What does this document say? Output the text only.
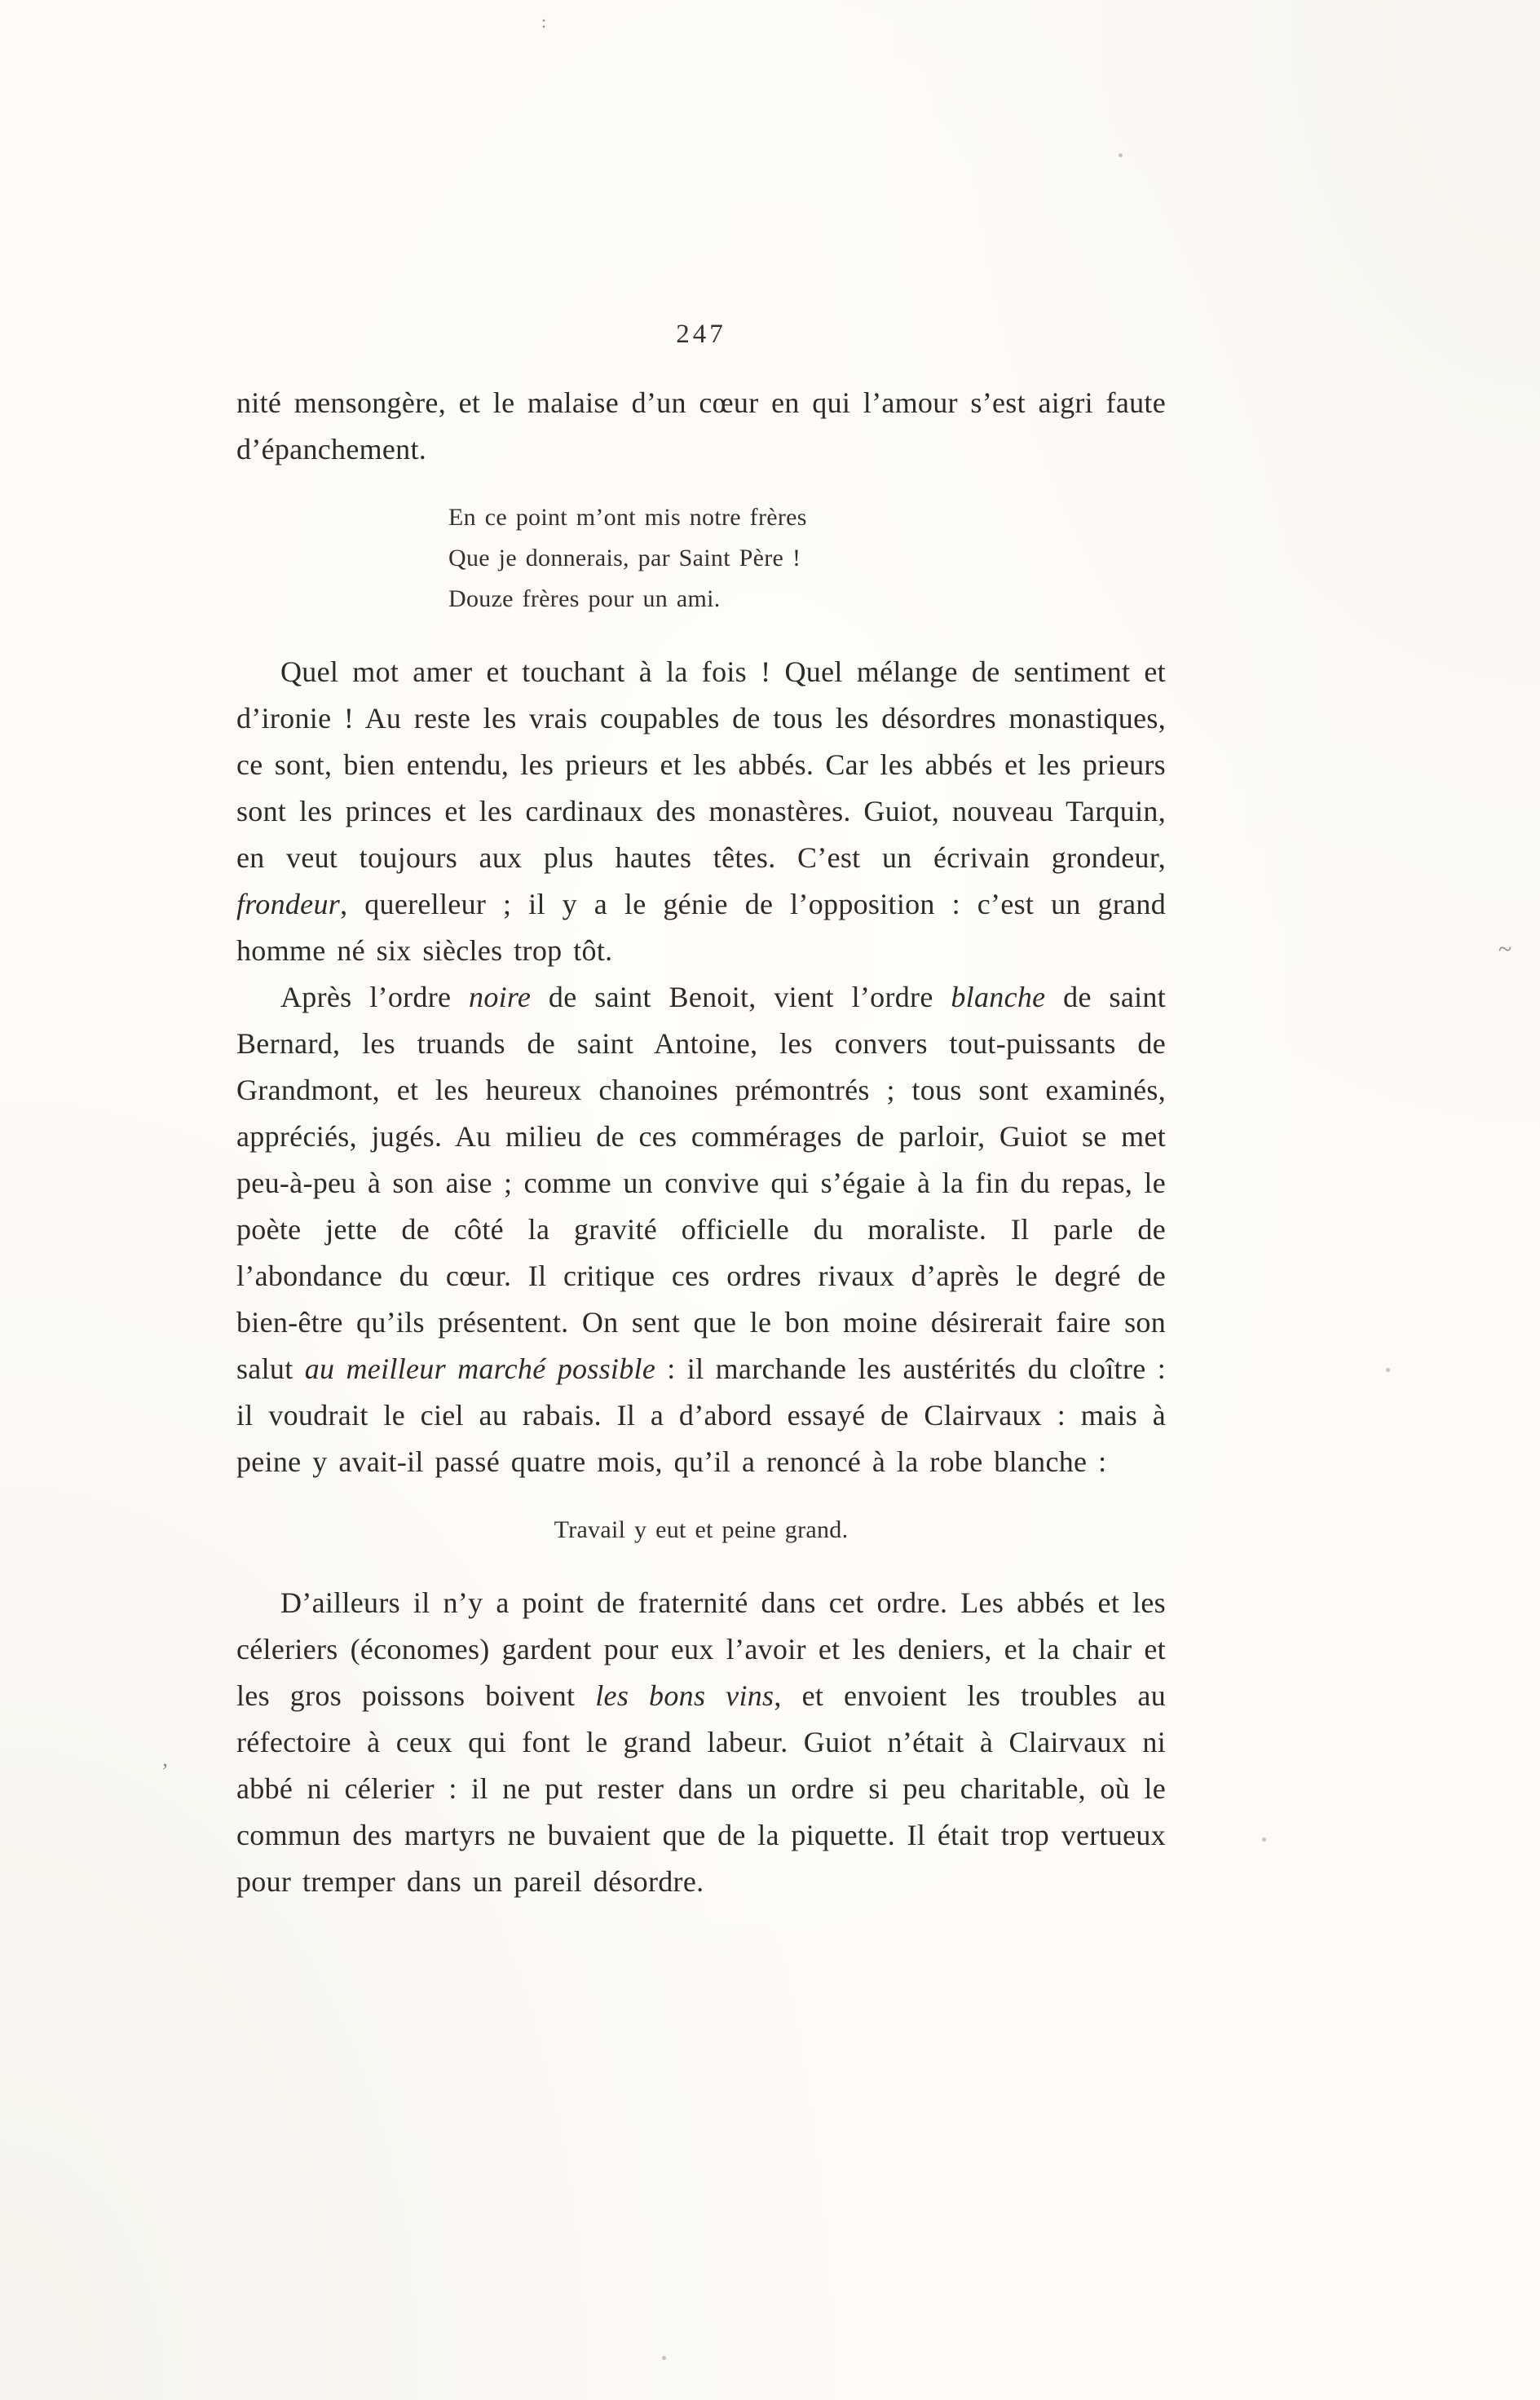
247

nité mensongère, et le malaise d’un cœur en qui l’amour s’est aigri faute d’épanchement.

En ce point m’ont mis notre frères
Que je donnerais, par Saint Père !
Douze frères pour un ami.

Quel mot amer et touchant à la fois ! Quel mélange de sentiment et d’ironie ! Au reste les vrais coupables de tous les désordres monastiques, ce sont, bien entendu, les prieurs et les abbés. Car les abbés et les prieurs sont les princes et les cardinaux des monastères. Guiot, nouveau Tarquin, en veut toujours aux plus hautes têtes. C’est un écrivain grondeur, frondeur, querelleur ; il y a le génie de l’opposition : c’est un grand homme né six siècles trop tôt.

Après l’ordre noire de saint Benoit, vient l’ordre blanche de saint Bernard, les truands de saint Antoine, les convers tout-puissants de Grandmont, et les heureux chanoines prémontrés ; tous sont examinés, appréciés, jugés. Au milieu de ces commérages de parloir, Guiot se met peu-à-peu à son aise ; comme un convive qui s’égaie à la fin du repas, le poète jette de côté la gravité officielle du moraliste. Il parle de l’abondance du cœur. Il critique ces ordres rivaux d’après le degré de bien-être qu’ils présentent. On sent que le bon moine désirerait faire son salut au meilleur marché possible : il marchande les austérités du cloître : il voudrait le ciel au rabais. Il a d’abord essayé de Clairvaux : mais à peine y avait-il passé quatre mois, qu’il a renoncé à la robe blanche :

Travail y eut et peine grand.

D’ailleurs il n’y a point de fraternité dans cet ordre. Les abbés et les céleriers (économes) gardent pour eux l’avoir et les deniers, et la chair et les gros poissons boivent les bons vins, et envoient les troubles au réfectoire à ceux qui font le grand labeur. Guiot n’était à Clairvaux ni abbé ni célerier : il ne put rester dans un ordre si peu charitable, où le commun des martyrs ne buvaient que de la piquette. Il était trop vertueux pour tremper dans un pareil désordre.

:
~
’
